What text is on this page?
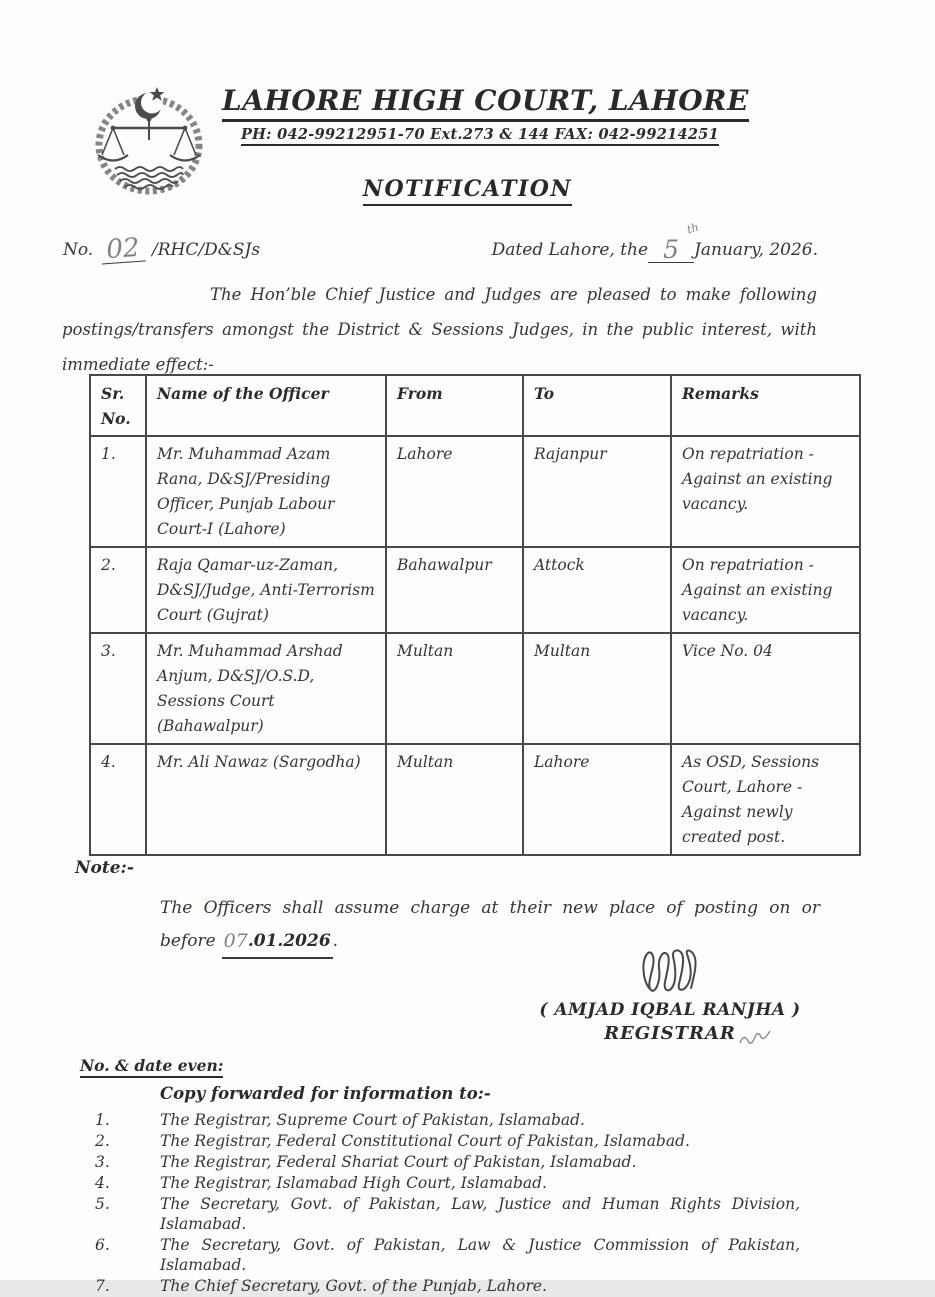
LAHORE HIGH COURT, LAHORE
PH: 042-99212951-70 Ext.273 & 144 FAX: 042-99214251
NOTIFICATION
No. 02 /RHC/D&SJs	Dated Lahore, the 5
th
January, 2026.
The Hon’ble Chief Justice and Judges are pleased to make following postings/transfers amongst the District & Sessions Judges, in the public interest, with immediate effect:-
Sr. No.	Name of the Officer	From	To	Remarks
1.	Mr. Muhammad Azam Rana, D&SJ/Presiding Officer, Punjab Labour Court-I (Lahore)	Lahore	Rajanpur	On repatriation - Against an existing vacancy.
2.	Raja Qamar-uz-Zaman, D&SJ/Judge, Anti-Terrorism Court (Gujrat)	Bahawalpur	Attock	On repatriation - Against an existing vacancy.
3.	Mr. Muhammad Arshad Anjum, D&SJ/O.S.D, Sessions Court (Bahawalpur)	Multan	Multan	Vice No. 04
4.	Mr. Ali Nawaz (Sargodha)	Multan	Lahore	As OSD, Sessions Court, Lahore - Against newly created post.
Note:-
The Officers shall assume charge at their new place of posting on or
before 07.01.2026 .
( AMJAD IQBAL RANJHA )
REGISTRAR
No. & date even:
Copy forwarded for information to:-
1.	The Registrar, Supreme Court of Pakistan, Islamabad.
2.	The Registrar, Federal Constitutional Court of Pakistan, Islamabad.
3.	The Registrar, Federal Shariat Court of Pakistan, Islamabad.
4.	The Registrar, Islamabad High Court, Islamabad.
5.	The Secretary, Govt. of Pakistan, Law, Justice and Human Rights Division, Islamabad.
6.	The Secretary, Govt. of Pakistan, Law & Justice Commission of Pakistan, Islamabad.
7.	The Chief Secretary, Govt. of the Punjab, Lahore.
